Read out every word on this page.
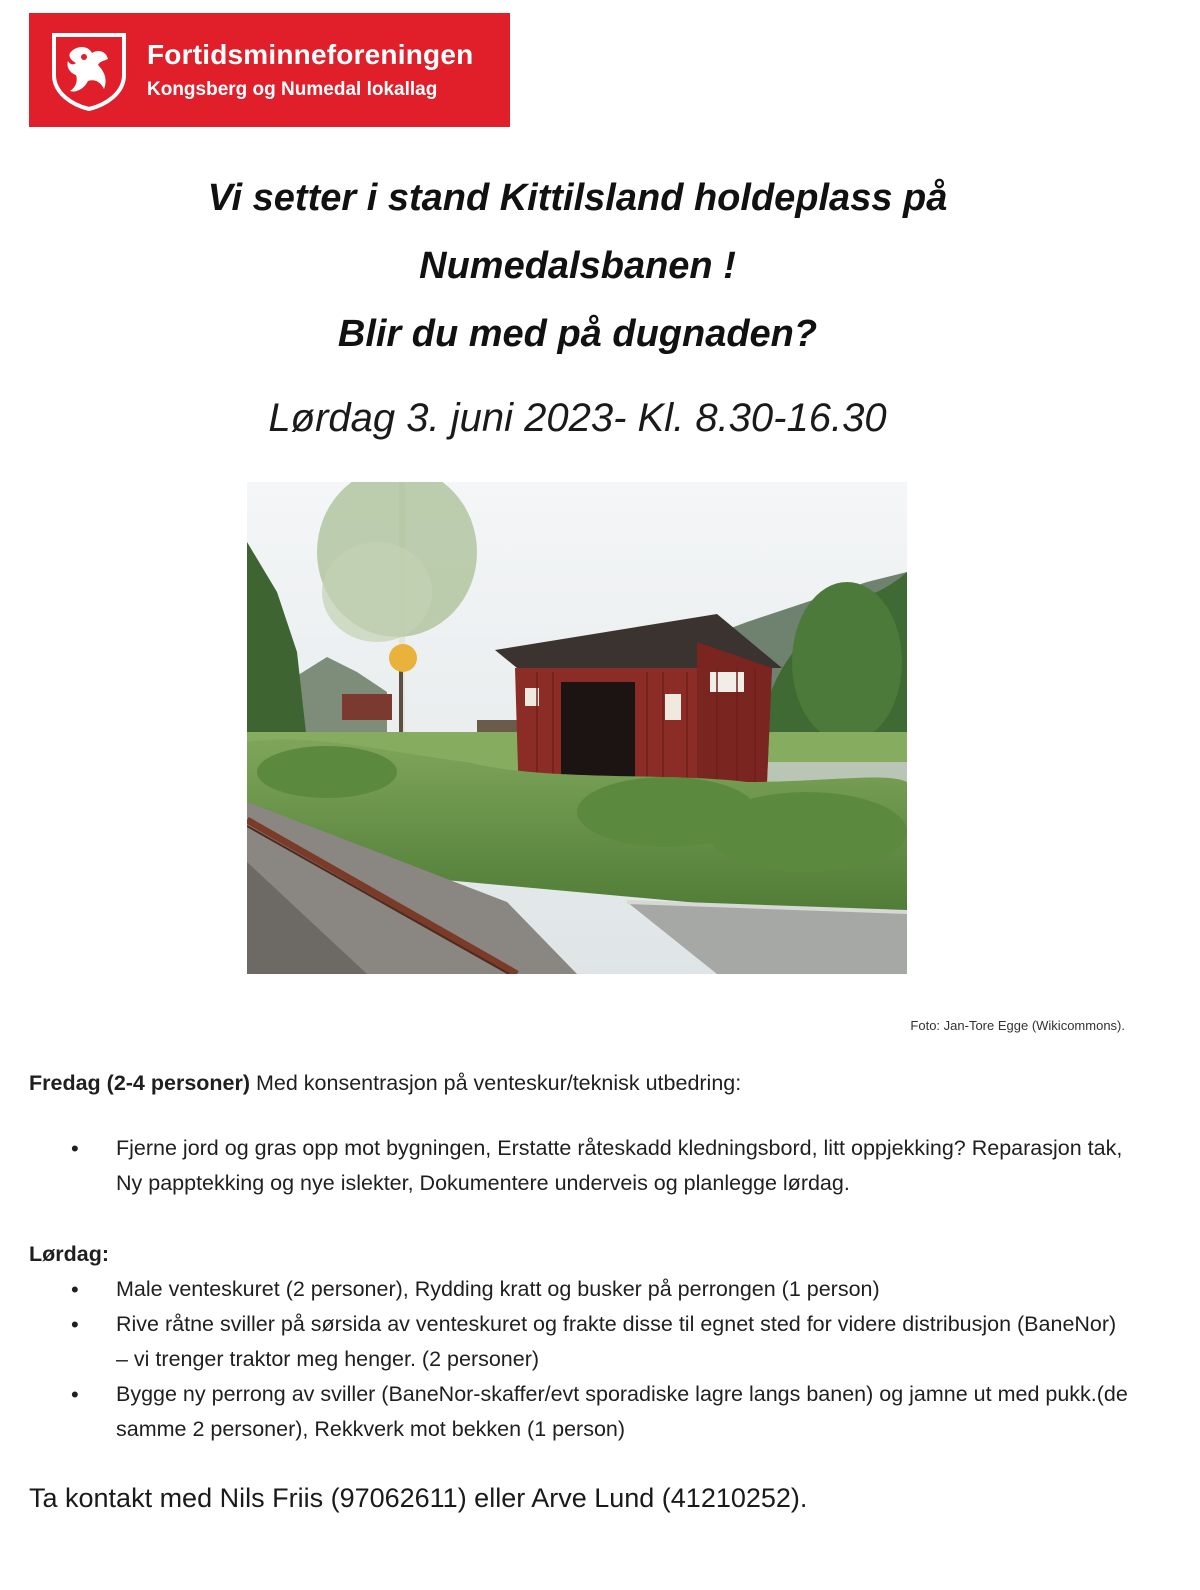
Fortidsminneforeningen
Kongsberg og Numedal lokallag
Vi setter i stand Kittilsland holdeplass på
Numedalsbanen !
Blir du med på dugnaden?
Lørdag 3. juni 2023- Kl. 8.30-16.30
Foto: Jan-Tore Egge (Wikicommons).
Fredag (2-4 personer) Med konsentrasjon på venteskur/teknisk utbedring:
• Fjerne jord og gras opp mot bygningen, Erstatte råteskadd kledningsbord, litt oppjekking? Reparasjon tak, Ny papptekking og nye islekter, Dokumentere underveis og planlegge lørdag.
Lørdag:
• Male venteskuret (2 personer), Rydding kratt og busker på perrongen (1 person)
• Rive råtne sviller på sørsida av venteskuret og frakte disse til egnet sted for videre distribusjon (BaneNor) – vi trenger traktor meg henger. (2 personer)
• Bygge ny perrong av sviller (BaneNor-skaffer/evt sporadiske lagre langs banen) og jamne ut med pukk.(de samme 2 personer), Rekkverk mot bekken (1 person)
Ta kontakt med Nils Friis (97062611) eller Arve Lund (41210252).
